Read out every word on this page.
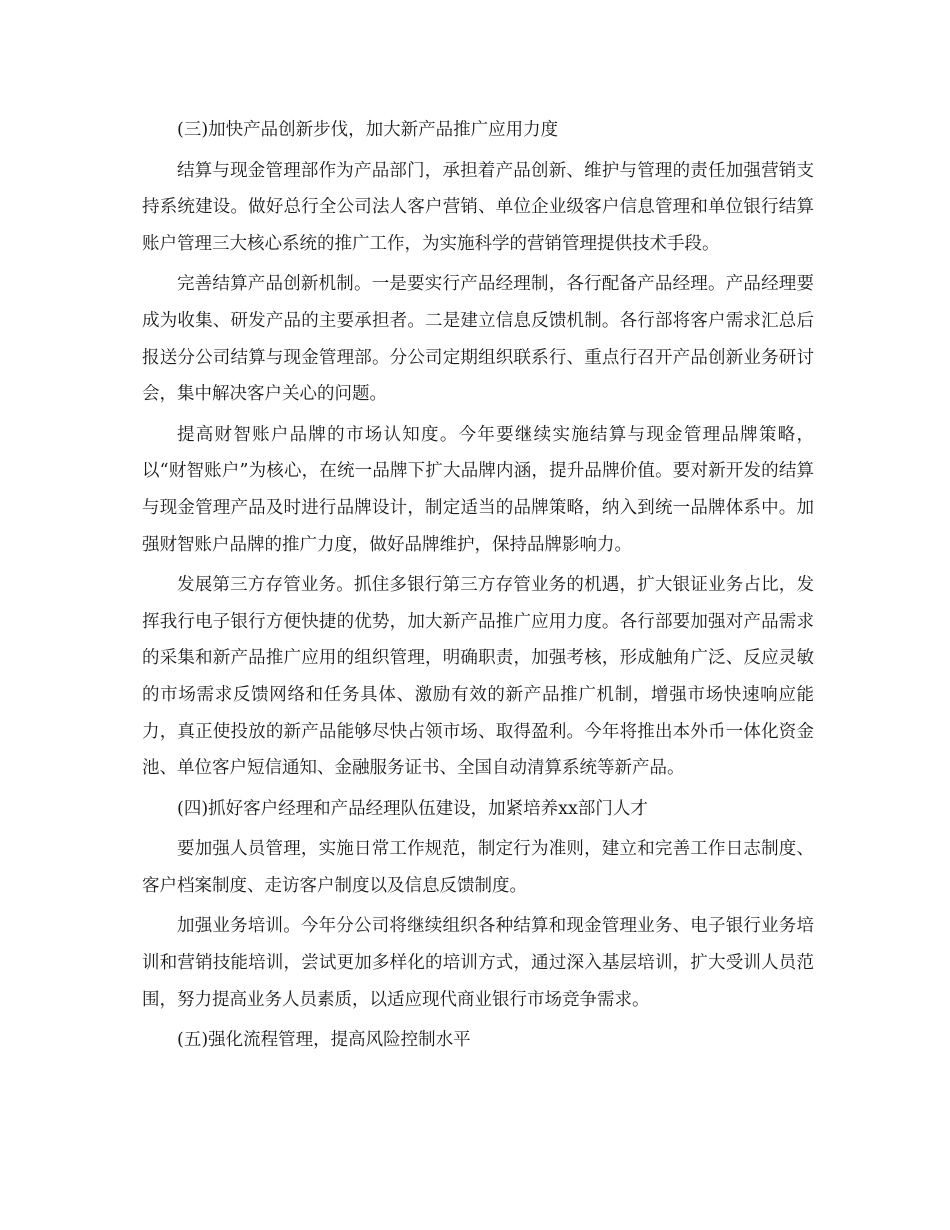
(三)加快产品创新步伐，加大新产品推广应用力度

结算与现金管理部作为产品部门，承担着产品创新、维护与管理的责任加强营销支持系统建设。做好总行全公司法人客户营销、单位企业级客户信息管理和单位银行结算账户管理三大核心系统的推广工作，为实施科学的营销管理提供技术手段。

完善结算产品创新机制。一是要实行产品经理制，各行配备产品经理。产品经理要成为收集、研发产品的主要承担者。二是建立信息反馈机制。各行部将客户需求汇总后报送分公司结算与现金管理部。分公司定期组织联系行、重点行召开产品创新业务研讨会，集中解决客户关心的问题。

提高财智账户品牌的市场认知度。今年要继续实施结算与现金管理品牌策略，以“财智账户”为核心，在统一品牌下扩大品牌内涵，提升品牌价值。要对新开发的结算与现金管理产品及时进行品牌设计，制定适当的品牌策略，纳入到统一品牌体系中。加强财智账户品牌的推广力度，做好品牌维护，保持品牌影响力。

发展第三方存管业务。抓住多银行第三方存管业务的机遇，扩大银证业务占比，发挥我行电子银行方便快捷的优势，加大新产品推广应用力度。各行部要加强对产品需求的采集和新产品推广应用的组织管理，明确职责，加强考核，形成触角广泛、反应灵敏的市场需求反馈网络和任务具体、激励有效的新产品推广机制，增强市场快速响应能力，真正使投放的新产品能够尽快占领市场、取得盈利。今年将推出本外币一体化资金池、单位客户短信通知、金融服务证书、全国自动清算系统等新产品。

(四)抓好客户经理和产品经理队伍建设，加紧培养xx部门人才

要加强人员管理，实施日常工作规范，制定行为准则，建立和完善工作日志制度、客户档案制度、走访客户制度以及信息反馈制度。

加强业务培训。今年分公司将继续组织各种结算和现金管理业务、电子银行业务培训和营销技能培训，尝试更加多样化的培训方式，通过深入基层培训，扩大受训人员范围，努力提高业务人员素质，以适应现代商业银行市场竞争需求。

(五)强化流程管理，提高风险控制水平
